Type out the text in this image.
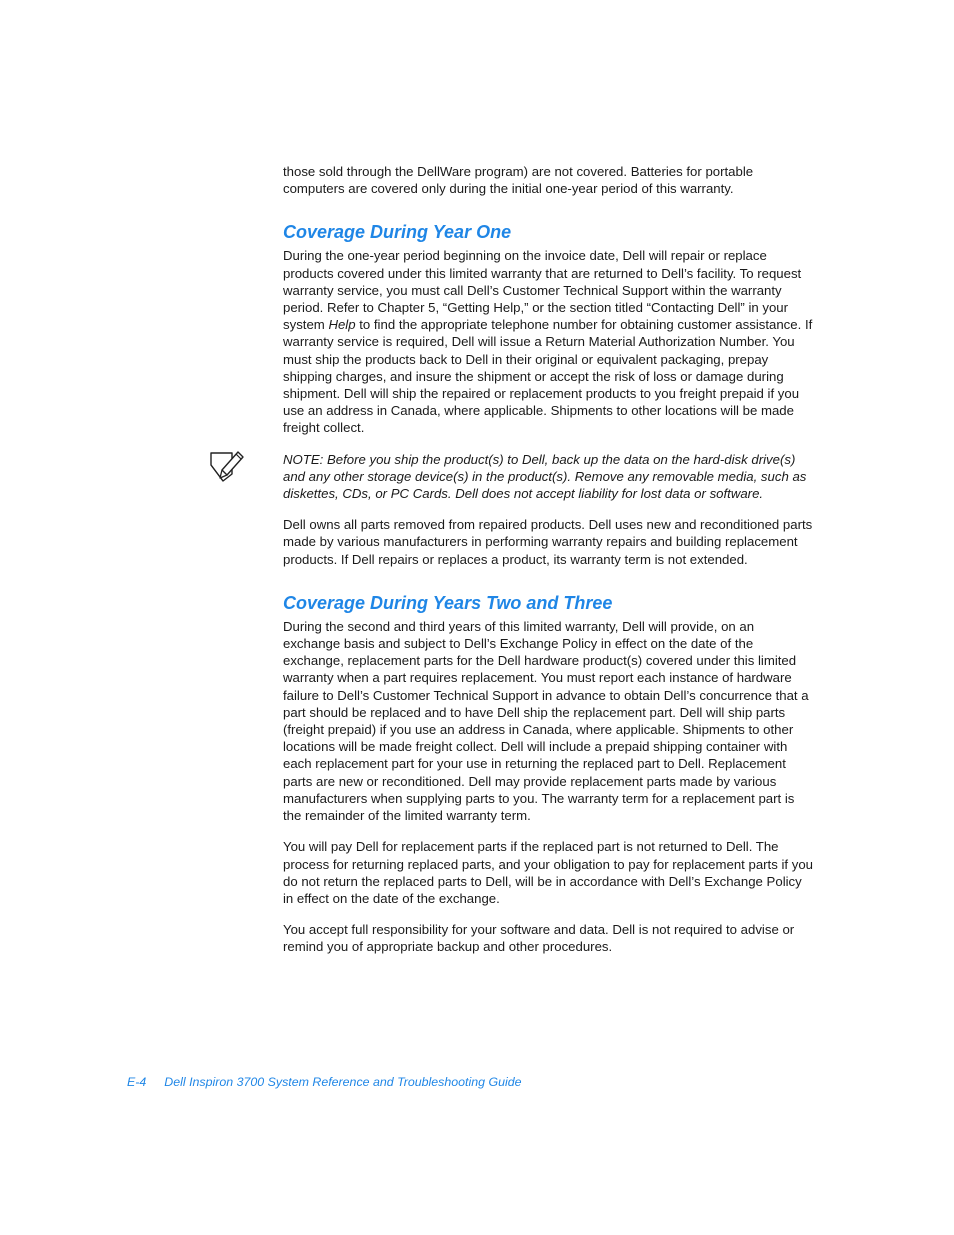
those sold through the DellWare program) are not covered. Batteries for portable computers are covered only during the initial one-year period of this warranty.

Coverage During Year One

During the one-year period beginning on the invoice date, Dell will repair or replace products covered under this limited warranty that are returned to Dell’s facility. To request warranty service, you must call Dell’s Customer Technical Support within the warranty period. Refer to Chapter 5, “Getting Help,” or the section titled “Contacting Dell” in your system Help to find the appropriate telephone number for obtaining customer assistance. If warranty service is required, Dell will issue a Return Material Authorization Number. You must ship the products back to Dell in their original or equivalent packaging, prepay shipping charges, and insure the shipment or accept the risk of loss or damage during shipment. Dell will ship the repaired or replacement products to you freight prepaid if you use an address in Canada, where applicable. Shipments to other locations will be made freight collect.

NOTE: Before you ship the product(s) to Dell, back up the data on the hard-disk drive(s) and any other storage device(s) in the product(s). Remove any removable media, such as diskettes, CDs, or PC Cards. Dell does not accept liability for lost data or software.

Dell owns all parts removed from repaired products. Dell uses new and reconditioned parts made by various manufacturers in performing warranty repairs and building replacement products. If Dell repairs or replaces a product, its warranty term is not extended.

Coverage During Years Two and Three

During the second and third years of this limited warranty, Dell will provide, on an exchange basis and subject to Dell’s Exchange Policy in effect on the date of the exchange, replacement parts for the Dell hardware product(s) covered under this limited warranty when a part requires replacement. You must report each instance of hardware failure to Dell’s Customer Technical Support in advance to obtain Dell’s concurrence that a part should be replaced and to have Dell ship the replacement part. Dell will ship parts (freight prepaid) if you use an address in Canada, where applicable. Shipments to other locations will be made freight collect. Dell will include a prepaid shipping container with each replacement part for your use in returning the replaced part to Dell. Replacement parts are new or reconditioned. Dell may provide replacement parts made by various manufacturers when supplying parts to you. The warranty term for a replacement part is the remainder of the limited warranty term.

You will pay Dell for replacement parts if the replaced part is not returned to Dell. The process for returning replaced parts, and your obligation to pay for replacement parts if you do not return the replaced parts to Dell, will be in accordance with Dell’s Exchange Policy in effect on the date of the exchange.

You accept full responsibility for your software and data. Dell is not required to advise or remind you of appropriate backup and other procedures.

E-4 Dell Inspiron 3700 System Reference and Troubleshooting Guide
